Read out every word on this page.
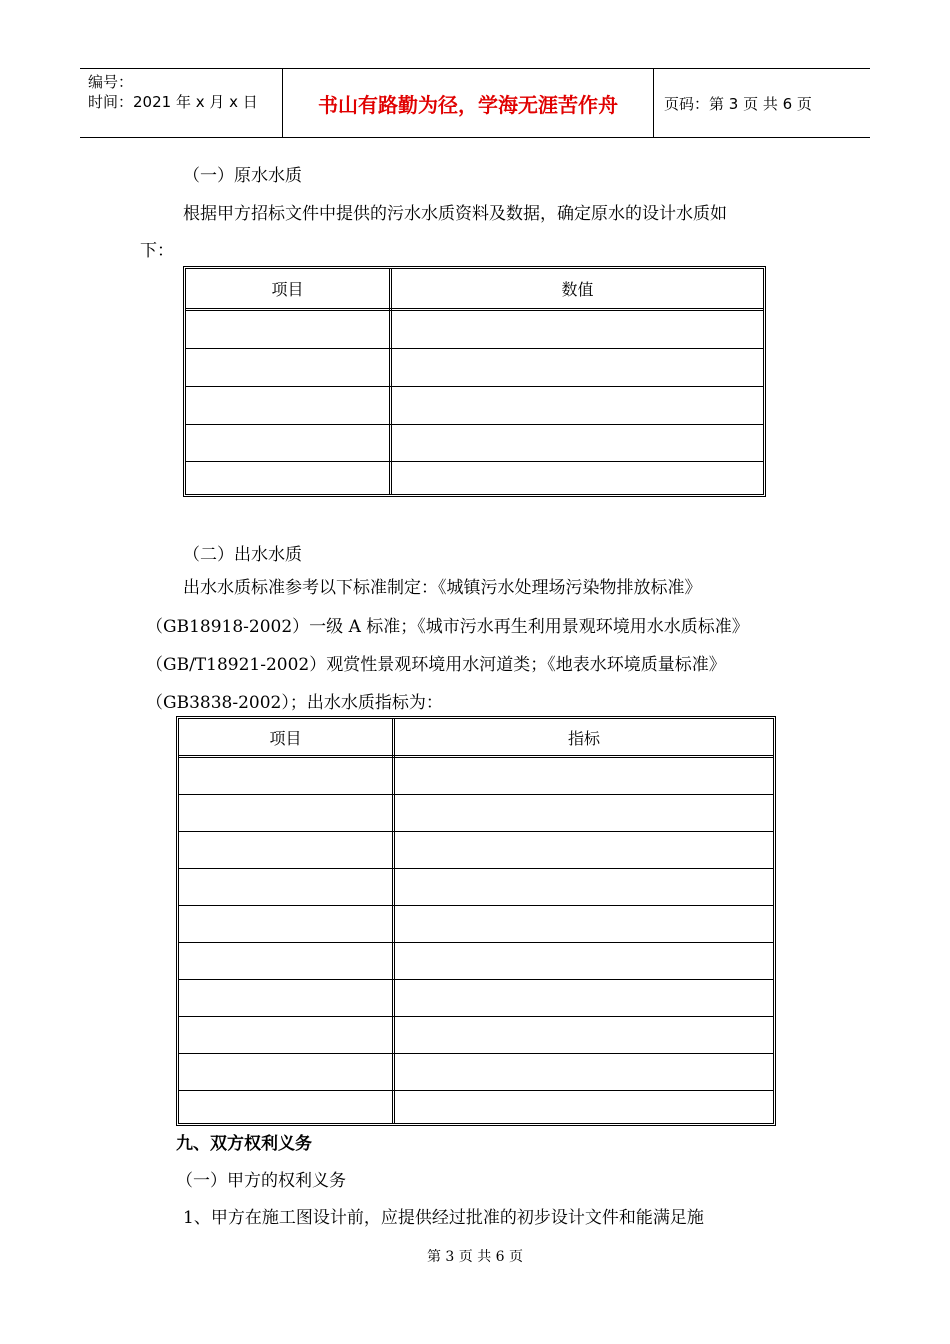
编号：
时间：2021 年 x 月 x 日	书山有路勤为径，学海无涯苦作舟	页码：第 3 页 共 6 页
（一）原水水质
根据甲方招标文件中提供的污水水质资料及数据，确定原水的设计水质如
下：
项目	数值
（二）出水水质
出水水质标准参考以下标准制定：《城镇污水处理场污染物排放标准》
（GB18918-2002）一级 A 标准；《城市污水再生利用景观环境用水水质标准》
（GB/T18921-2002）观赏性景观环境用水河道类；《地表水环境质量标准》
（GB3838-2002）；出水水质指标为：
项目	指标
九、双方权利义务
（一）甲方的权利义务
1、甲方在施工图设计前，应提供经过批准的初步设计文件和能满足施
第 3 页 共 6 页
